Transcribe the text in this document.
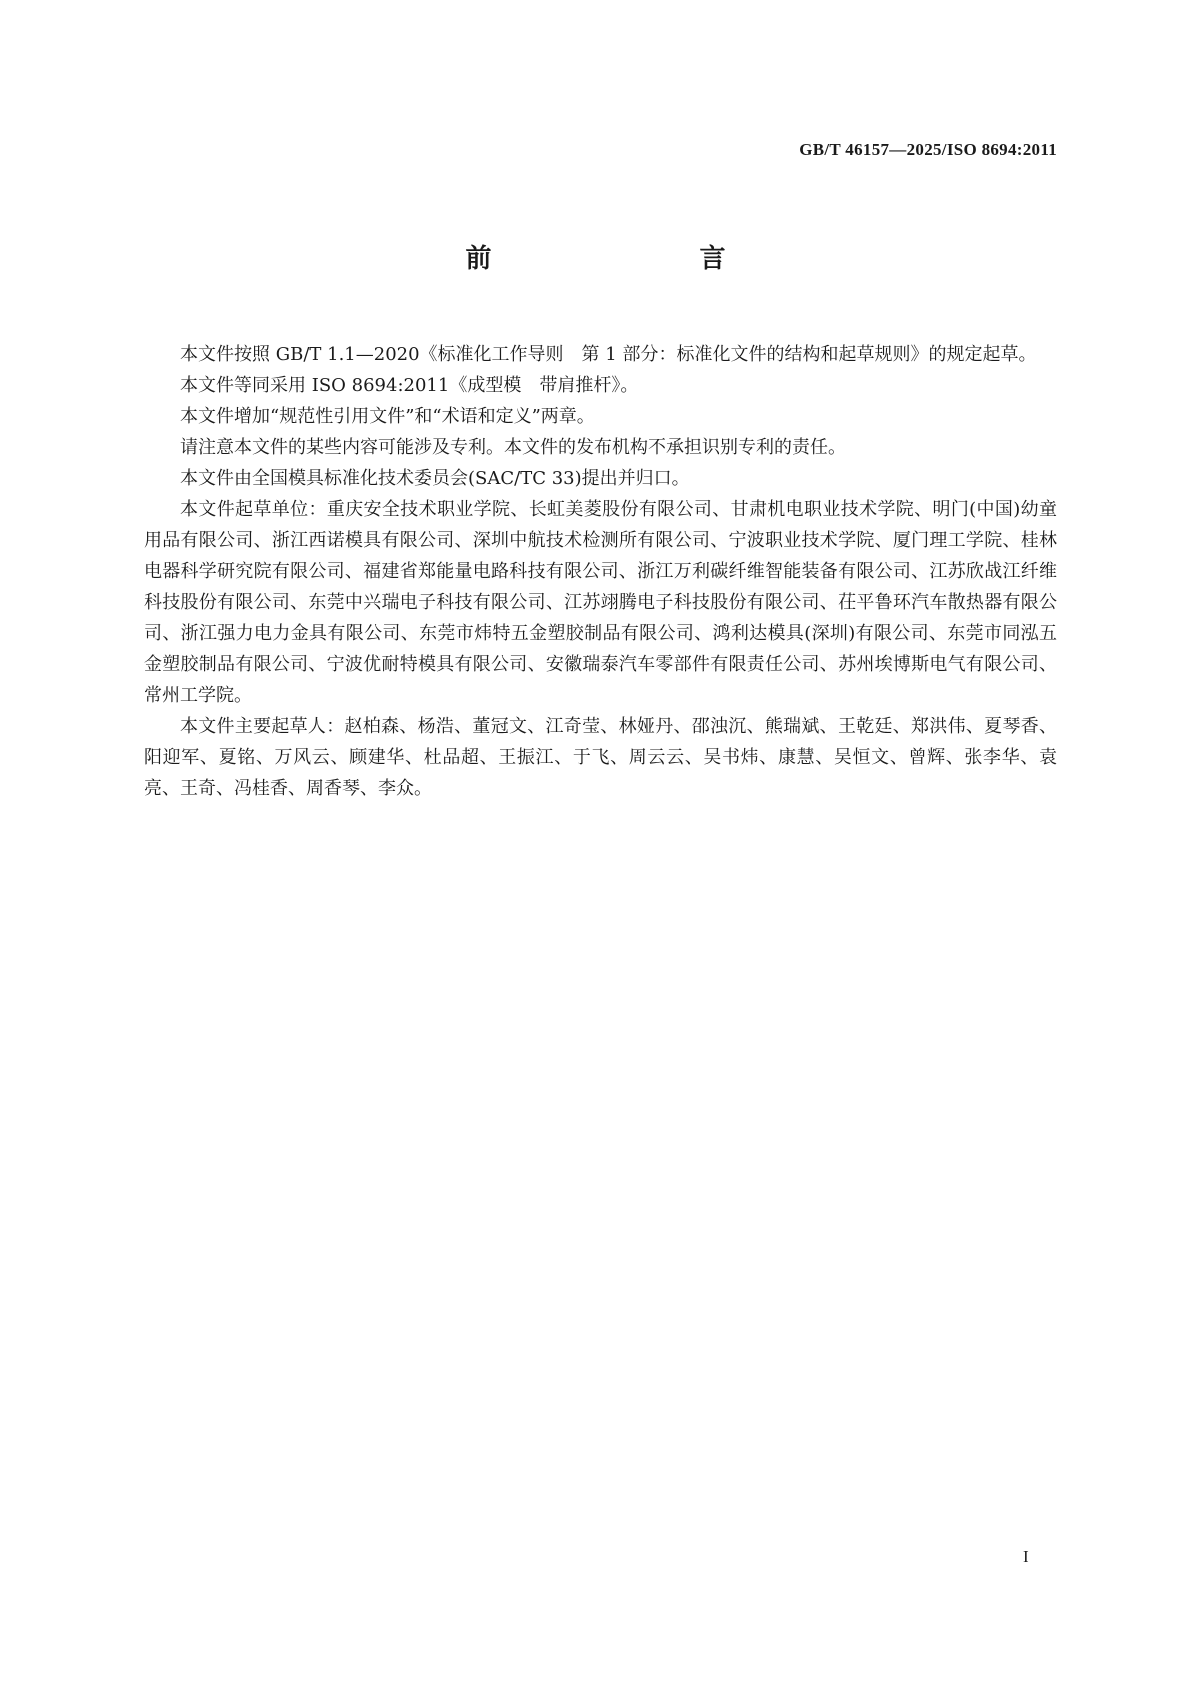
GB/T 46157—2025/ISO 8694:2011
前　　言

本文件按照 GB/T 1.1—2020《标准化工作导则　第 1 部分：标准化文件的结构和起草规则》的规定起草。

本文件等同采用 ISO 8694:2011《成型模　带肩推杆》。

本文件增加“规范性引用文件”和“术语和定义”两章。

请注意本文件的某些内容可能涉及专利。本文件的发布机构不承担识别专利的责任。

本文件由全国模具标准化技术委员会(SAC/TC 33)提出并归口。

本文件起草单位：重庆安全技术职业学院、长虹美菱股份有限公司、甘肃机电职业技术学院、明门(中国)幼童用品有限公司、浙江西诺模具有限公司、深圳中航技术检测所有限公司、宁波职业技术学院、厦门理工学院、桂林电器科学研究院有限公司、福建省郑能量电路科技有限公司、浙江万利碳纤维智能装备有限公司、江苏欣战江纤维科技股份有限公司、东莞中兴瑞电子科技有限公司、江苏翊腾电子科技股份有限公司、茌平鲁环汽车散热器有限公司、浙江强力电力金具有限公司、东莞市炜特五金塑胶制品有限公司、鸿利达模具(深圳)有限公司、东莞市同泓五金塑胶制品有限公司、宁波优耐特模具有限公司、安徽瑞泰汽车零部件有限责任公司、苏州埃博斯电气有限公司、常州工学院。

本文件主要起草人：赵柏森、杨浩、董冠文、江奇莹、林娅丹、邵浊沉、熊瑞斌、王乾廷、郑洪伟、夏琴香、阳迎军、夏铭、万风云、顾建华、杜品超、王振江、于飞、周云云、吴书炜、康慧、吴恒文、曾辉、张李华、袁亮、王奇、冯桂香、周香琴、李众。

I
